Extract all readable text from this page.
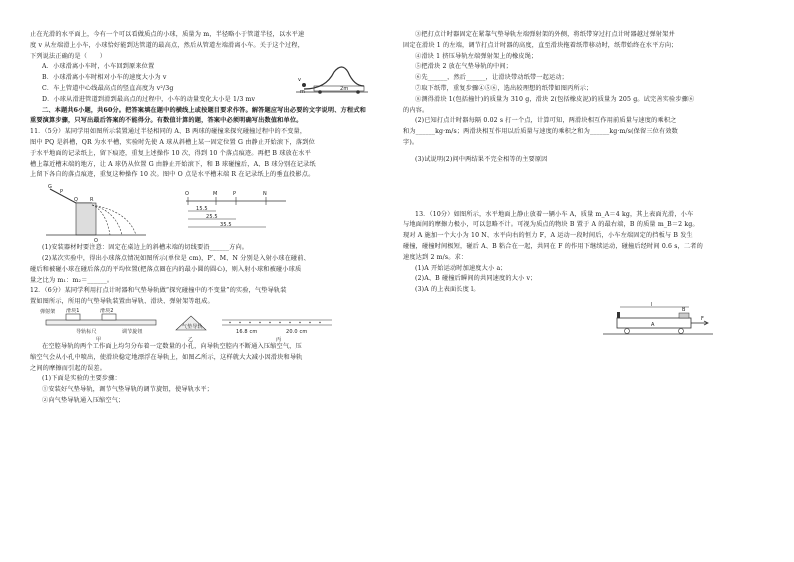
止在光滑的水平面上，今有一个可以看做质点的小球，质量为 m，半径略小于管道半径，以水平速

度 v 从左端滑上小车，小球恰好能到达管道的最高点，然后从管道左端滑离小车。关于这个过程，

下列说法正确的是（　　）

A．小球滑离小车时，小车回到原来位置

B．小球滑离小车时相对小车的速度大小为 v

C．车上管道中心线最高点的竖直高度为 v²/3g

D．小球从滑进管道到滑到最高点的过程中，小车的动量变化大小是 1/3 mv

v
m	2m

二、本题共6小题，共60分。把答案填在题中的横线上或按题目要求作答。解答题应写出必要的文字说明、方程式和重要演算步骤，只写出最后答案的不能得分。有数值计算的题，答案中必须明确写出数值和单位。

11．（5分）某同学用如图所示装置通过半径相同的 A、B 两球的碰撞来探究碰撞过程中的不变量，

图中 PQ 是斜槽，QR 为水平槽，实验时先使 A 球从斜槽上某一固定位置 G 由静止开始滚下，落到位

于水平地面的记录纸上，留下痕迹，重复上述操作 10 次，得到 10 个落点痕迹。再把 B 球放在水平

槽上靠近槽末端的地方，让 A 球仍从位置 G 由静止开始滚下，和 B 球碰撞后，A、B 球分别在记录纸

上留下各自的落点痕迹，重复这种操作 10 次。图中 O 点是水平槽末端 R 在记录纸上的垂直投影点。

G
P
Q R
O
O	M	P	N
15.5
25.5
35.5

(1)安装器材时要注意：固定在桌边上的斜槽末端的切线要沿______方向。

(2)某次实验中，得出小球落点情况如图所示(单位是 cm)，P′、M、N 分别是入射小球在碰前、

碰后和被碰小球在碰后落点的平均位置(把落点圈在内的最小圆的圆心)，则入射小球和被碰小球质

量之比为 m₁：m₂＝______。

12．（6分）某同学利用打点计时器和气垫导轨做“探究碰撞中的不变量”的实验，气垫导轨装

置如图所示，所用的气垫导轨装置由导轨、滑块、弹射架等组成。

弹射架 滑块1	滑块2
导轨标尺	调节旋钮
甲
气垫导轨
乙
16.8 cm	20.0 cm
丙

在空腔导轨的两个工作面上均匀分布着一定数量的小孔，向导轨空腔内不断通入压缩空气，压

缩空气会从小孔中喷出，使滑块稳定地漂浮在导轨上，如图乙所示，这样就大大减小因滑块和导轨

之间的摩擦而引起的误差。

(1)下面是实验的主要步骤：

①安装好气垫导轨，调节气垫导轨的调节旋钮，使导轨水平；

②向气垫导轨通入压缩空气；

③把打点计时器固定在紧靠气垫导轨左端弹射架的外侧，将纸带穿过打点计时器越过弹射架并

固定在滑块 1 的左端，调节打点计时器的高度，直至滑块拖着纸带移动时，纸带始终在水平方向；

④滑块 1 挤压导轨左端弹射架上的橡皮绳；

⑤把滑块 2 放在气垫导轨的中间；

⑥先______，然后______，让滑块带动纸带一起运动；

⑦取下纸带，重复步骤④⑤⑥，选出较理想的纸带如图丙所示；

⑧测得滑块 1(包括撞针)的质量为 310 g，滑块 2(包括橡皮泥)的质量为 205 g。试完善实验步骤⑥

的内容。

(2)已知打点计时器每隔 0.02 s 打一个点，计算可知，两滑块相互作用前质量与速度的乘积之

和为______kg·m/s；两滑块相互作用以后质量与速度的乘积之和为______kg·m/s(保留三位有效数

字)。

(3)试说明(2)问中两结果不完全相等的主要原因

13．（10分）如图所示，水平地面上静止放着一辆小车 A，质量 m_A＝4 kg，其上表面光滑，小车

与地面间的摩擦力极小，可以忽略不计。可视为质点的物块 B 置于 A 的最右端，B 的质量 m_B＝2 kg。

现对 A 施加一个大小为 10 N、水平向右的恒力 F，A 运动一段时间后，小车左端固定的挡板与 B 发生

碰撞，碰撞时间极短，碰后 A、B 粘合在一起，共同在 F 的作用下继续运动，碰撞后经时间 0.6 s，二者的

速度达到 2 m/s。求：

(1)A 开始运动时加速度大小 a；

(2)A、B 碰撞后瞬间的共同速度的大小 v；

(3)A 的上表面长度 l。

l
A
B
F
